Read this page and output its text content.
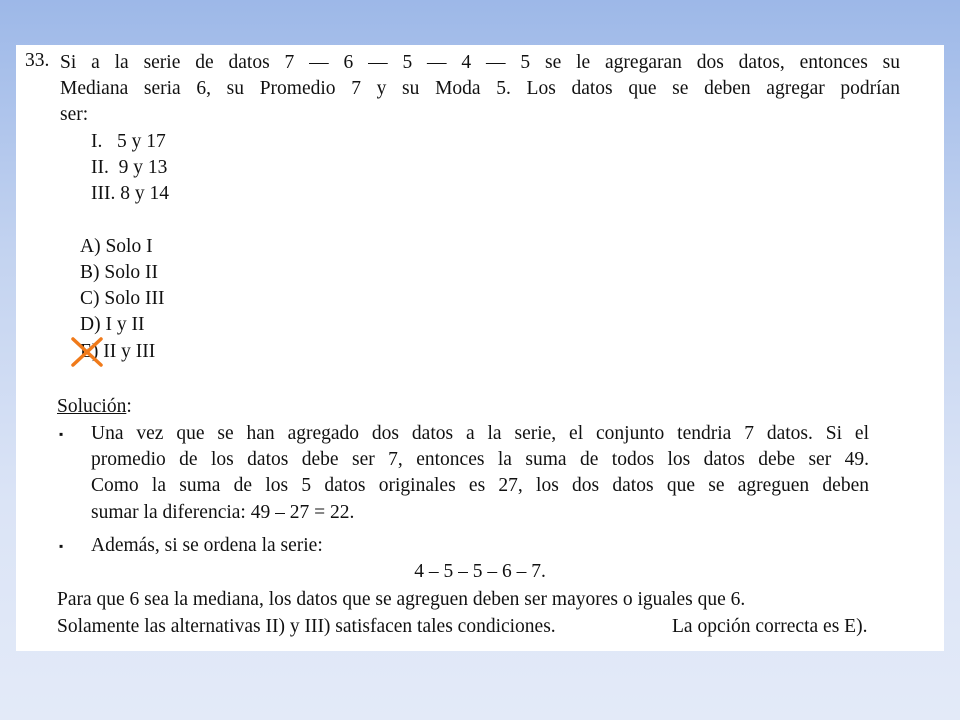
33. Si a la serie de datos 7 — 6 — 5 — 4 — 5 se le agregaran dos datos, entonces su
Mediana seria 6, su Promedio 7 y su Moda 5. Los datos que se deben agregar podrían
ser:
I.   5 y 17
II.  9 y 13
III. 8 y 14
A) Solo I
B) Solo II
C) Solo III
D) I y II
E) II y III
Solución:
▪ Una vez que se han agregado dos datos a la serie, el conjunto tendria 7 datos. Si el
promedio de los datos debe ser 7, entonces la suma de todos los datos debe ser 49.
Como la suma de los 5 datos originales es 27, los dos datos que se agreguen deben
sumar la diferencia: 49 – 27 = 22.
▪ Además, si se ordena la serie:
4 – 5 – 5 – 6 – 7.
Para que 6 sea la mediana, los datos que se agreguen deben ser mayores o iguales que 6.
Solamente las alternativas II) y III) satisfacen tales condiciones.	La opción correcta es E).
